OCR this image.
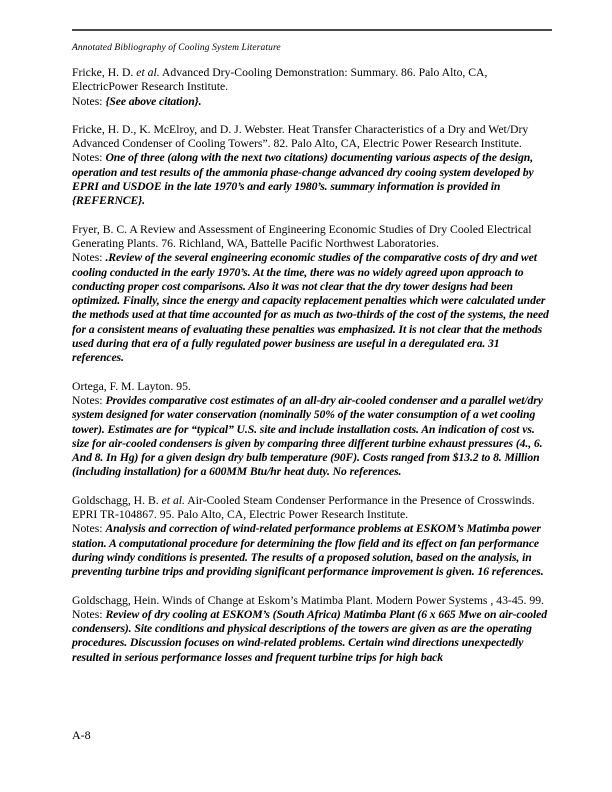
Annotated Bibliography of Cooling System Literature

Fricke, H. D. et al. Advanced Dry-Cooling Demonstration: Summary. 86. Palo Alto, CA, ElectricPower Research Institute.

Notes: {See above citation}.

Fricke, H. D., K. McElroy, and D. J. Webster. Heat Transfer Characteristics of a Dry and Wet/Dry Advanced Condenser of Cooling Towers”. 82. Palo Alto, CA, Electric Power Research Institute.

Notes: One of three (along with the next two citations) documenting various aspects of the design, operation and test results of the ammonia phase-change advanced dry cooing system developed by EPRI and USDOE in the late 1970’s and early 1980’s. summary information is provided in {REFERNCE}.

Fryer, B. C. A Review and Assessment of Engineering Economic Studies of Dry Cooled Electrical Generating Plants. 76. Richland, WA, Battelle Pacific Northwest Laboratories.

Notes: .Review of the several engineering economic studies of the comparative costs of dry and wet cooling conducted in the early 1970’s. At the time, there was no widely agreed upon approach to conducting proper cost comparisons. Also it was not clear that the dry tower designs had been optimized. Finally, since the energy and capacity replacement penalties which were calculated under the methods used at that time accounted for as much as two-thirds of the cost of the systems, the need for a consistent means of evaluating these penalties was emphasized. It is not clear that the methods used during that era of a fully regulated power business are useful in a deregulated era. 31 references.

Ortega, F. M. Layton. 95.

Notes: Provides comparative cost estimates of an all-dry air-cooled condenser and a parallel wet/dry system designed for water conservation (nominally 50% of the water consumption of a wet cooling tower). Estimates are for “typical” U.S. site and include installation costs. An indication of cost vs. size for air-cooled condensers is given by comparing three different turbine exhaust pressures (4., 6. And 8. In Hg) for a given design dry bulb temperature (90F). Costs ranged from $13.2 to 8. Million (including installation) for a 600MM Btu/hr heat duty. No references.

Goldschagg, H. B. et al. Air-Cooled Steam Condenser Performance in the Presence of Crosswinds. EPRI TR-104867. 95. Palo Alto, CA, Electric Power Research Institute.

Notes: Analysis and correction of wind-related performance problems at ESKOM’s Matimba power station. A computational procedure for determining the flow field and its effect on fan performance during windy conditions is presented. The results of a proposed solution, based on the analysis, in preventing turbine trips and providing significant performance improvement is given. 16 references.

Goldschagg, Hein. Winds of Change at Eskom’s Matimba Plant. Modern Power Systems , 43-45. 99.

Notes: Review of dry cooling at ESKOM’s (South Africa) Matimba Plant (6 x 665 Mwe on air-cooled condensers). Site conditions and physical descriptions of the towers are given as are the operating procedures. Discussion focuses on wind-related problems. Certain wind directions unexpectedly resulted in serious performance losses and frequent turbine trips for high back

A-8
